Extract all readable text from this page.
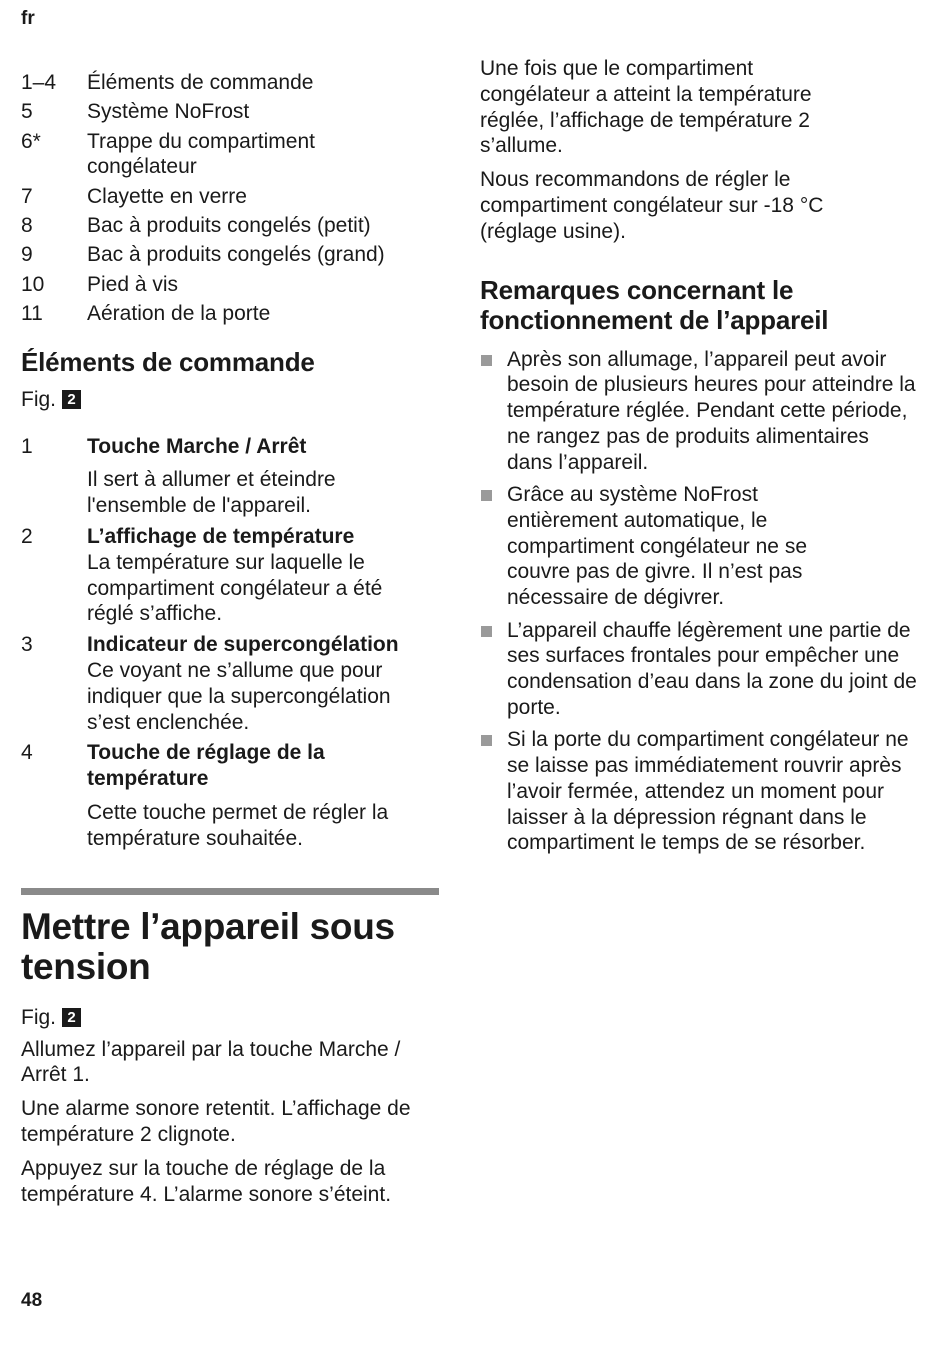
fr
1–4	Éléments de commande
5	Système NoFrost
6*	Trappe du compartiment congélateur
7	Clayette en verre
8	Bac à produits congelés (petit)
9	Bac à produits congelés (grand)
10	Pied à vis
11	Aération de la porte
Éléments de commande
Fig. 2
1	Touche Marche / Arrêt
Il sert à allumer et éteindre l'ensemble de l'appareil.
2	L’affichage de température
La température sur laquelle le compartiment congélateur a été réglé s’affiche.
3	Indicateur de supercongélation
Ce voyant ne s’allume que pour indiquer que la supercongélation s’est enclenchée.
4	Touche de réglage de la température
Cette touche permet de régler la température souhaitée.
Mettre l’appareil sous tension
Fig. 2

Allumez l’appareil par la touche Marche / Arrêt 1.

Une alarme sonore retentit. L’affichage de température 2 clignote.

Appuyez sur la touche de réglage de la température 4. L’alarme sonore s’éteint.

Une fois que le compartiment congélateur a atteint la température réglée, l’affichage de température 2 s’allume.

Nous recommandons de régler le compartiment congélateur sur -18 °C (réglage usine).

Remarques concernant le fonctionnement de l’appareil
Après son allumage, l’appareil peut avoir besoin de plusieurs heures pour atteindre la température réglée. Pendant cette période, ne rangez pas de produits alimentaires dans l’appareil.
Grâce au système NoFrost entièrement automatique, le compartiment congélateur ne se couvre pas de givre. Il n’est pas nécessaire de dégivrer.
L’appareil chauffe légèrement une partie de ses surfaces frontales pour empêcher une condensation d’eau dans la zone du joint de porte.
Si la porte du compartiment congélateur ne se laisse pas immédiatement rouvrir après l’avoir fermée, attendez un moment pour laisser à la dépression régnant dans le compartiment le temps de se résorber.
48
